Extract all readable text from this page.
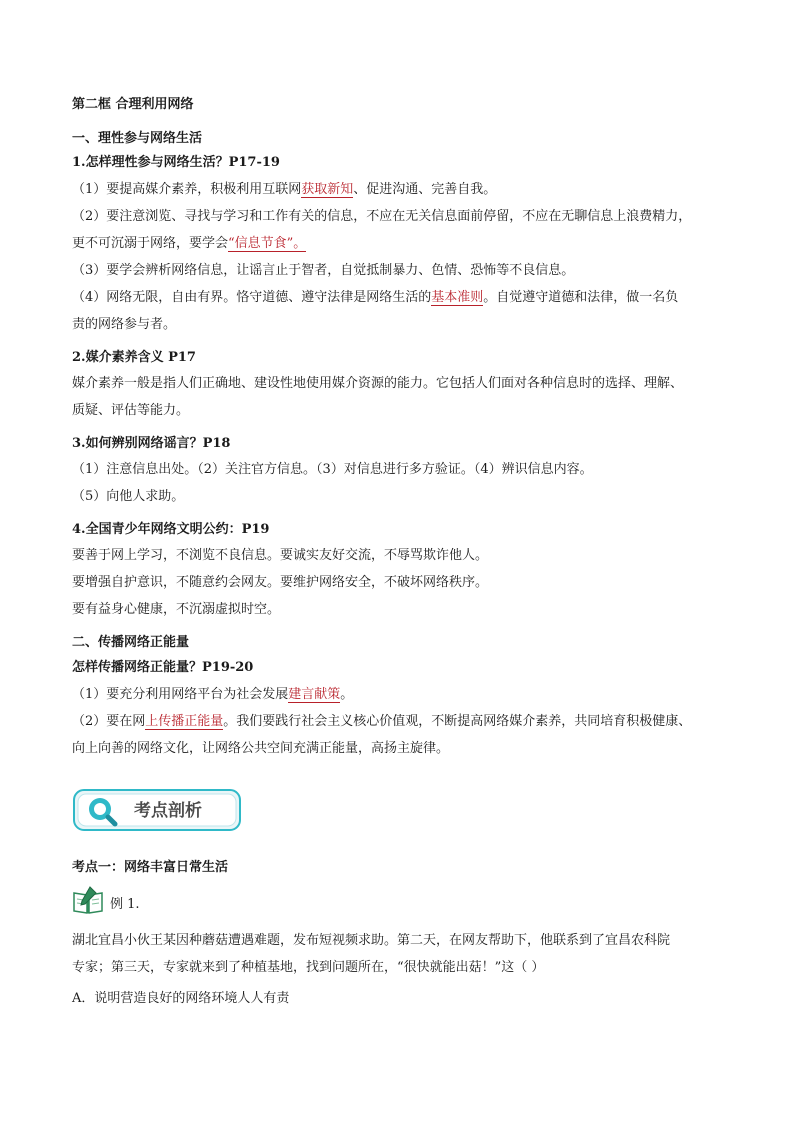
第二框 合理利用网络
一、理性参与网络生活
1.怎样理性参与网络生活？P17-19
（1）要提高媒介素养，积极利用互联网获取新知、促进沟通、完善自我。
（2）要注意浏览、寻找与学习和工作有关的信息，不应在无关信息面前停留，不应在无聊信息上浪费精力，
更不可沉溺于网络，要学会“信息节食”。
（3）要学会辨析网络信息，让谣言止于智者，自觉抵制暴力、色情、恐怖等不良信息。
（4）网络无限，自由有界。恪守道德、遵守法律是网络生活的基本准则。自觉遵守道德和法律，做一名负
责的网络参与者。
2.媒介素养含义 P17
媒介素养一般是指人们正确地、建设性地使用媒介资源的能力。它包括人们面对各种信息时的选择、理解、
质疑、评估等能力。
3.如何辨别网络谣言？P18
（1）注意信息出处。（2）关注官方信息。（3）对信息进行多方验证。（4）辨识信息内容。
（5）向他人求助。
4.全国青少年网络文明公约：P19
要善于网上学习，不浏览不良信息。要诚实友好交流，不辱骂欺诈他人。
要增强自护意识，不随意约会网友。要维护网络安全，不破坏网络秩序。
要有益身心健康，不沉溺虚拟时空。
二、传播网络正能量
怎样传播网络正能量？P19-20
（1）要充分利用网络平台为社会发展建言献策。
（2）要在网上传播正能量。我们要践行社会主义核心价值观，不断提高网络媒介素养，共同培育积极健康、
向上向善的网络文化，让网络公共空间充满正能量，高扬主旋律。
考点剖析
考点一：网络丰富日常生活
例 1.
湖北宜昌小伙王某因种蘑菇遭遇难题，发布短视频求助。第二天，在网友帮助下，他联系到了宜昌农科院
专家；第三天，专家就来到了种植基地，找到问题所在，“很快就能出菇！”这（ ）
A．说明营造良好的网络环境人人有责
